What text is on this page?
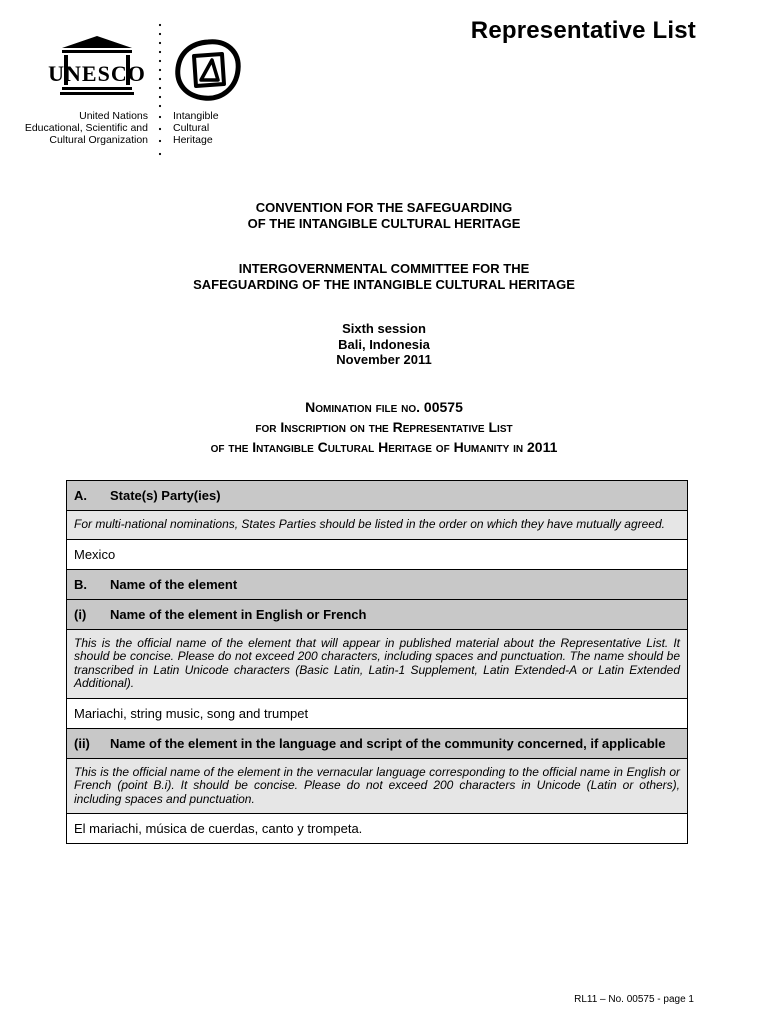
Representative List
UNESCO
United Nations
Educational, Scientific and
Cultural Organization
Intangible
Cultural
Heritage
CONVENTION FOR THE SAFEGUARDING
OF THE INTANGIBLE CULTURAL HERITAGE
INTERGOVERNMENTAL COMMITTEE FOR THE
SAFEGUARDING OF THE INTANGIBLE CULTURAL HERITAGE
Sixth session
Bali, Indonesia
November 2011
Nomination file no. 00575
for Inscription on the Representative List
of the Intangible Cultural Heritage of Humanity in 2011
A.	State(s) Party(ies)

For multi-national nominations, States Parties should be listed in the order on which they have mutually agreed.

Mexico

B.	Name of the element

(i)	Name of the element in English or French

This is the official name of the element that will appear in published material about the Representative List. It should be concise. Please do not exceed 200 characters, including spaces and punctuation. The name should be transcribed in Latin Unicode characters (Basic Latin, Latin-1 Supplement, Latin Extended-A or Latin Extended Additional).

Mariachi, string music, song and trumpet

(ii)	Name of the element in the language and script of the community concerned, if applicable

This is the official name of the element in the vernacular language corresponding to the official name in English or French (point B.i). It should be concise. Please do not exceed 200 characters in Unicode (Latin or others), including spaces and punctuation.

El mariachi, música de cuerdas, canto y trompeta.
RL11 – No. 00575 - page 1
